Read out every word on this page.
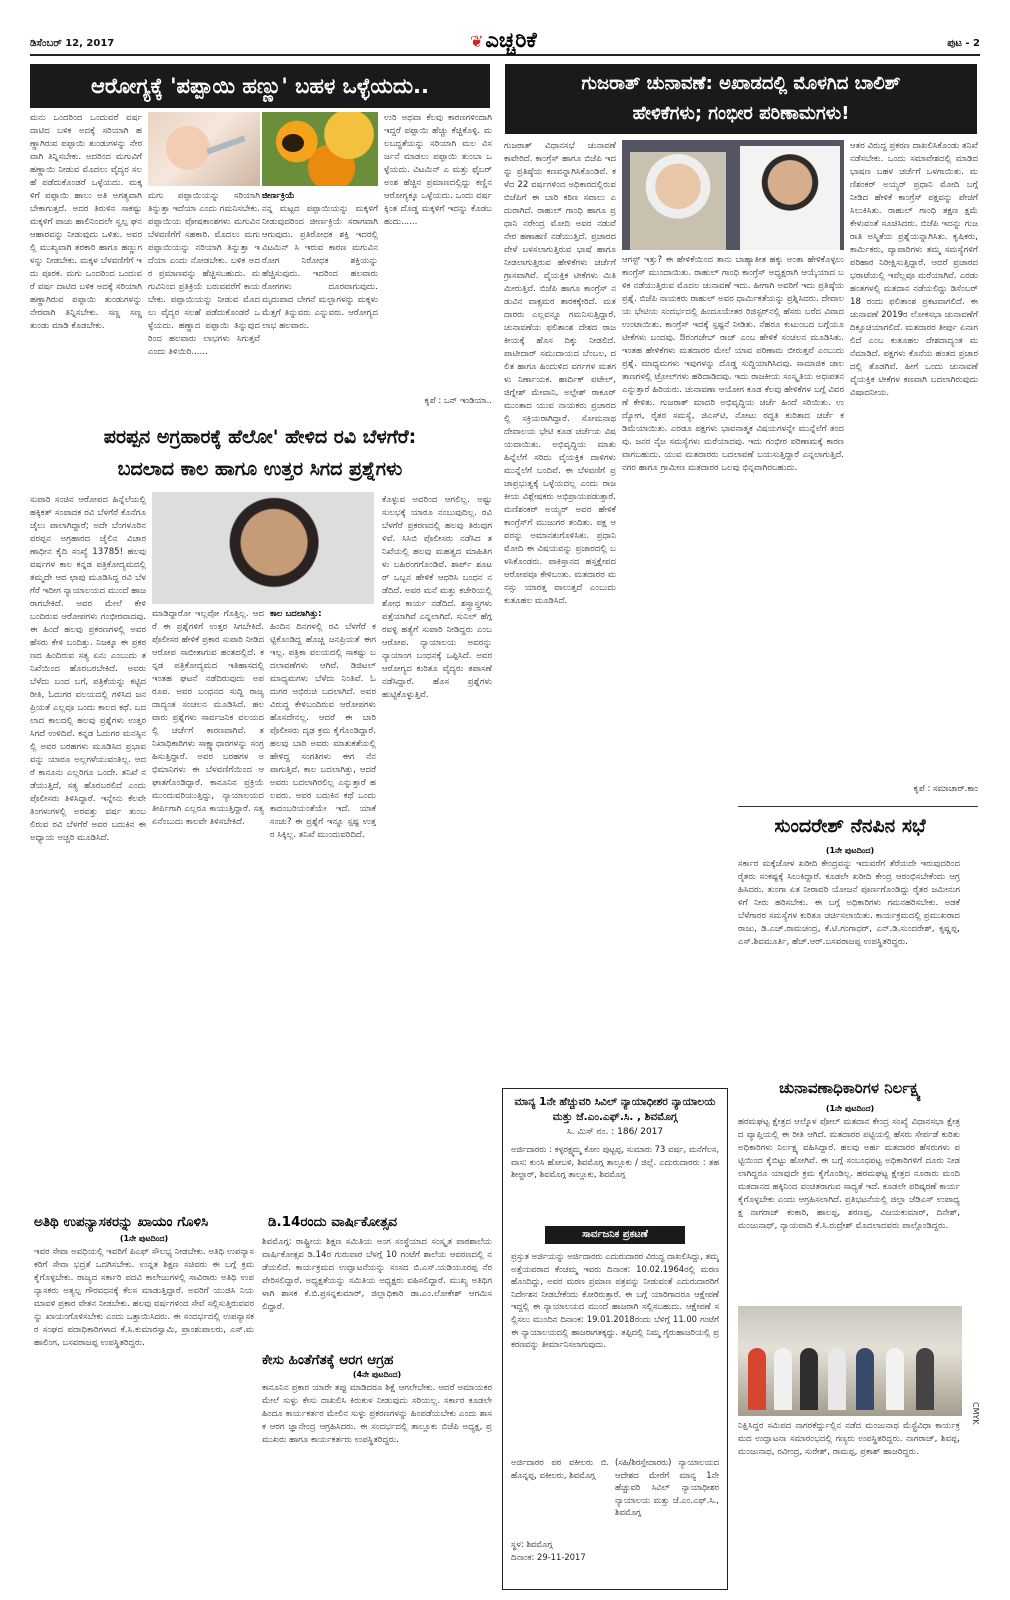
ಡಿಸೆಂಬರ್ 12, 2017	❦ಎಚ್ಚರಿಕೆ	ಪುಟ - 2
ಆರೋಗ್ಯಕ್ಕೆ 'ಪಪ್ಪಾಯಿ ಹಣ್ಣು' ಬಹಳ ಒಳ್ಳೆಯದು..
ಮನು ಒಂದರಿಂದ ಒಂದುವರೆ ವರ್ಷ ದಾಟಿದ ಬಳಿಕ ಅದಕ್ಕೆ ಸರಿಯಾಗಿ ಹಣ್ಣಾಗಿರುವ ಪಪ್ಪಾಯಿ ತುಂಡುಗಳನ್ನು ನೇರವಾಗಿ ತಿನ್ನಿಸಬೇಕು. ಅದರಿಂದ ಮಗುವಿಗೆ ಹಣ್ಣಾಯಿ ನೀಡುವ ಮೊದಲು ವೈದ್ಯರ ಸಲಹೆ ಪಡೆದುಕೊಂಡರೆ ಒಳ್ಳೆಯದು. ಮಕ್ಕಳಿಗೆ ಪಪ್ಪಾಯಿ ಹಾಲು ಅತಿ ಅಗತ್ಯವಾಗಿ ಬೇಕಾಗುತ್ತದೆ. ಅದರ ತಿರುಳಿನ ಸಾಕಷ್ಟು ಮಕ್ಕಳಿಗೆ ಪಾಚು ಹಾಲಿನಿಂದಲೇ ಸ್ವಲ್ಪ ಘನ ಆಹಾರವನ್ನು ನೀಡುವುದು ಒಳಿತು. ಅವರಲ್ಲಿ ಮುಖ್ಯವಾಗಿ ತರಕಾರಿ ಹಾಗೂ ಹಣ್ಣುಗಳನ್ನು ನೀಡಬೇಕು. ಮಕ್ಕಳ ಬೆಳವಣಿಗೆಗೆ ಇದು ಪೂರಕ. ಮಗು ಒಂದರಿಂದ ಒಂದುವರೆ ವರ್ಷ ದಾಟಿದ ಬಳಿಕ ಅದಕ್ಕೆ ಸರಿಯಾಗಿ ಹಣ್ಣಾಗಿರುವ ಪಪ್ಪಾಯಿ ತುಂಡುಗಳನ್ನು ನೇರವಾಗಿ ತಿನ್ನಿಸಬೇಕು. ಸಣ್ಣ ಸಣ್ಣ ತುಂಡು ಮಾಡಿ ಕೊಡಬೇಕು.
ಮಗು ಪಪ್ಪಾಯಿಯನ್ನು ಸರಿಯಾಗಿ ತಿನ್ನುತ್ತಾ ಇದೆಯಾ ಎಂದು ಗಮನಿಸಬೇಕು. ಪಪ್ಪಾಯಿಯ ಪೋಷಕಾಂಶಗಳು ಮಗುವಿನ ಬೆಳವಣಿಗೆಗೆ ಸಹಕಾರಿ. ಮೊದಲು ಮಗು ಪಪ್ಪಾಯಿಯನ್ನು ನರಿಯಾಗಿ ತಿನ್ನುತ್ತಾ ಇದೆಯಾ ಎಂದು ನೋಡಬೇಕು. ಬಳಿಕ ಅದರ ಪ್ರಮಾಣವನ್ನು ಹೆಚ್ಚಿಸಬಹುದು. ಮಗುವಿನಿಂದ ಪ್ರತಿಕ್ರಿಯೆ ಬರುವವರೆಗೆ ಕಾಯಬೇಕು. ಪಪ್ಪಾಯಿಯನ್ನು ನೀಡುವ ಮೊದಲು ವೈದ್ಯರ ಸಲಹೆ ಪಡೆದುಕೊಂಡರೆ ಒಳ್ಳೆಯದು. ಹಣ್ಣಾದ ಪಪ್ಪಾಯಿ ತಿನ್ನುವುದರಿಂದ ಹಲವಾರು ಲಾಭಗಳು ಸಿಗುತ್ತವೆ ಎಂದು ತಿಳಿಯಿರಿ......
ಜೀರ್ಣಕ್ರಿಯೆ
ನನ್ನ ಮಟ್ಟದ ಪಪ್ಪಾಯಿಯನ್ನು ಮಕ್ಕಳಿಗೆ ನೀಡುವುದರಿಂದ ಜೀರ್ಣಕ್ರಿಯೆ ಸರಾಗವಾಗಿ ಆಗುವುದು. ಪ್ರತಿರೋಧಕ ಶಕ್ತಿ ಇದರಲ್ಲಿ ವಿಟಮಿನ್ ಸಿ ಇರುವ ಕಾರಣ ಮಗುವಿನ ರೋಗ ನಿರೋಧಕ ಶಕ್ತಿಯನ್ನು ಹೆಚ್ಚಿಸುವುದು. ಇದರಿಂದ ಹಲವಾರು ರೋಗಗಳು ದೂರವಾಗುವುದು. ಮೃದುವಾದ ಬೇಗನೆ ಮಲ್ಬಾಗಳನ್ನು ಮಕ್ಕಳು ಮೆತ್ತಗೆ ತಿನ್ನುವರು ಎನ್ನುವರು. ಆರೋಗ್ಯದ ಲಾಭ ಹಲವಾರು.
ಉರಿ ಅಥವಾ ಕೆಲವು ಕಾರಣಗಳಿಂದಾಗಿ ಇದ್ದರೆ ಪಪ್ಪಾಯಿ ಹೆಚ್ಚು ಕೆಚ್ಚಿಕೊಳ್ಳಿ. ಮಲಬದ್ಧತೆಯನ್ನು ಸರಿಯಾಗಿ ಮಲ ವಿಸರ್ಜನೆ ಮಾಡಲು ಪಪ್ಪಾಯಿ ತುಂಬಾ ಒಳ್ಳೆಯದು. ವಿಟಮಿನ್ ಎ ಮತ್ತು ಫೈಬರ್ ಅಂಶ ಹೆಚ್ಚಿನ ಪ್ರಮಾಣದಲ್ಲಿದ್ದು ಕಣ್ಣಿನ ಆರೋಗ್ಯಕ್ಕೂ ಒಳ್ಳೆಯದು. ಒಂದು ವರ್ಷಕ್ಕಿಂತ ದೊಡ್ಡ ಮಕ್ಕಳಿಗೆ ಇದನ್ನು ಕೊಡಬಹುದು......
ಕೃಪೆ : ಒನ್ ಇಂಡಿಯಾ..
ಪರಪ್ಪನ ಅಗ್ರಹಾರಕ್ಕೆ ಹೆಲೋ' ಹೇಳಿದ ರವಿ ಬೆಳಗೆರೆ:
ಬದಲಾದ ಕಾಲ ಹಾಗೂ ಉತ್ತರ ಸಿಗದ ಪ್ರಶ್ನೆಗಳು
ಸುಪಾರಿ ಸಂಚಿನ ಆರೋಪದ ಹಿನ್ನೆಲೆಯಲ್ಲಿ ಹಕ್ಕಿಕತ್ ಸಂಪಾದಕ ರವಿ ಬೆಳಗೆರೆ ಕೊನೆಗೂ ಜೈಲು ಪಾಲಾಗಿದ್ದಾರೆ; ಅದೇ ಬೆಂಗಳೂರಿನ ಪರಪ್ಪನ ಅಗ್ರಹಾರದ ಜೈಲಿನ ವಿಚಾರಣಾಧೀನ ಕೈದಿ ಸಂಖ್ಯೆ 13785! ಹಲವು ವರ್ಷಗಳ ಕಾಲ ಕನ್ನಡ ಪತ್ರಿಕೋದ್ಯಮದಲ್ಲಿ ತಮ್ಮದೇ ಆದ ಛಾಪು ಮೂಡಿಸಿದ್ದ ರವಿ ಬೆಳಗೆರೆ ಇದೀಗ ನ್ಯಾಯಾಲಯದ ಮುಂದೆ ಹಾಜರಾಗಬೇಕಿದೆ. ಅವರ ಮೇಲೆ ಕೇಳಿ ಬಂದಿರುವ ಆರೋಪಗಳು ಗಂಭೀರವಾದವು. ಈ ಹಿಂದೆ ಹಲವು ಪ್ರಕರಣಗಳಲ್ಲಿ ಅವರ ಹೆಸರು ಕೇಳಿ ಬಂದಿತ್ತು. ನಿಜಕ್ಕೂ ಈ ಪ್ರಕರಣದ ಹಿಂದಿರುವ ಸತ್ಯ ಏನು ಎಂಬುದು ತನಿಖೆಯಿಂದ ಹೊರಬರಬೇಕಿದೆ. ಅವರು ಬೆಳೆದು ಬಂದ ಬಗೆ, ಪತ್ರಿಕೆಯನ್ನು ಕಟ್ಟಿದ ರೀತಿ, ಓದುಗರ ವಲಯದಲ್ಲಿ ಗಳಿಸಿದ ಜನಪ್ರಿಯತೆ ಎಲ್ಲವೂ ಒಂದು ಕಾಲದ ಕಥೆ. ಬದಲಾದ ಕಾಲದಲ್ಲಿ ಹಲವು ಪ್ರಶ್ನೆಗಳು ಉತ್ತರ ಸಿಗದೆ ಉಳಿದಿವೆ. ಕನ್ನಡ ಓದುಗರ ಮನಸ್ಸಿನಲ್ಲಿ ಅವರ ಬರಹಗಳು ಮೂಡಿಸಿದ ಪ್ರಭಾವವನ್ನು ಯಾರೂ ಅಲ್ಲಗಳೆಯುವಂತಿಲ್ಲ. ಆದರೆ ಕಾನೂನು ಎಲ್ಲರಿಗೂ ಒಂದೇ. ತನಿಖೆ ನಡೆಯುತ್ತಿದೆ, ಸತ್ಯ ಹೊರಬರಲಿದೆ ಎಂದು ಪೊಲೀಸರು ತಿಳಿಸಿದ್ದಾರೆ. ಇನ್ನೇನು ಕೆಲವೇ ತಿಂಗಳುಗಳಲ್ಲಿ ಅರವತ್ತು ವರ್ಷ ತುಂಬಲಿರುವ ರವಿ ಬೆಳಗೆರೆ ಅವರ ಬದುಕಿನ ಈ ಅಧ್ಯಾಯ ಅಚ್ಚರಿ ಮೂಡಿಸಿದೆ.
ಮಾಡಿದ್ದಾರೋ ಇಲ್ಲವೋ ಗೊತ್ತಿಲ್ಲ. ಆದರೆ ಈ ಪ್ರಶ್ನೆಗಳಿಗೆ ಉತ್ತರ ಸಿಗಬೇಕಿದೆ. ಪೊಲೀಸರ ಹೇಳಿಕೆ ಪ್ರಕಾರ ಸುಪಾರಿ ನೀಡಿದ ಆರೋಪ ಸಾಬೀತಾಗುವ ಹಂತದಲ್ಲಿದೆ. ಕನ್ನಡ ಪತ್ರಿಕೋದ್ಯಮದ ಇತಿಹಾಸದಲ್ಲಿ ಇಂತಹ ಘಟನೆ ನಡೆದಿರುವುದು ಅಪರೂಪ. ಅವರ ಬಂಧನದ ಸುದ್ದಿ ರಾಜ್ಯದಾದ್ಯಂತ ಸಂಚಲನ ಮೂಡಿಸಿದೆ. ಹಲವಾರು ಪ್ರಶ್ನೆಗಳು ಸಾರ್ವಜನಿಕ ವಲಯದಲ್ಲಿ ಚರ್ಚೆಗೆ ಕಾರಣವಾಗಿವೆ. ತನಿಖಾಧಿಕಾರಿಗಳು ಸಾಕ್ಷ್ಯಾಧಾರಗಳನ್ನು ಸಂಗ್ರಹಿಸುತ್ತಿದ್ದಾರೆ. ಅವರ ಬರಹಗಳ ಅಭಿಮಾನಿಗಳು ಈ ಬೆಳವಣಿಗೆಯಿಂದ ಆಘಾತಗೊಂಡಿದ್ದಾರೆ. ಕಾನೂನಿನ ಪ್ರಕ್ರಿಯೆ ಮುಂದುವರಿಯುತ್ತಿದ್ದು, ನ್ಯಾಯಾಲಯದ ತೀರ್ಪಿಗಾಗಿ ಎಲ್ಲರೂ ಕಾಯುತ್ತಿದ್ದಾರೆ. ಸತ್ಯ ಏನೆಂಬುದು ಕಾಲವೇ ತಿಳಿಸಬೇಕಿದೆ.
ಕಾಲ ಬದಲಾಗಿತ್ತು:
ಹಿಂದಿನ ದಿನಗಳಲ್ಲಿ ರವಿ ಬೆಳಗೆರೆ ಕಟ್ಟಿಕೊಂಡಿದ್ದ ಹೊಚ್ಚ ಜನಪ್ರಿಯತೆ ಈಗ ಇಲ್ಲ. ಪತ್ರಿಕಾ ವಲಯದಲ್ಲಿ ಸಾಕಷ್ಟು ಬದಲಾವಣೆಗಳು ಆಗಿವೆ. ಡಿಜಿಟಲ್ ಮಾಧ್ಯಮಗಳು ಬೆಳೆದು ನಿಂತಿವೆ. ಓದುಗರ ಅಭಿರುಚಿ ಬದಲಾಗಿದೆ. ಅವರ ವಿರುದ್ಧ ಕೇಳಿಬಂದಿರುವ ಆರೋಪಗಳು ಹೊಸದೇನಲ್ಲ. ಆದರೆ ಈ ಬಾರಿ ಪೊಲೀಸರು ದೃಢ ಕ್ರಮ ಕೈಗೊಂಡಿದ್ದಾರೆ. ಹಲವು ಬಾರಿ ಅವರು ಮಾತುಕತೆಯಲ್ಲಿ ಹೇಳಿದ್ದ ಸಂಗತಿಗಳು ಈಗ ನೆನಪಾಗುತ್ತಿವೆ. ಕಾಲ ಬದಲಾಗಿತ್ತು, ಆದರೆ ಅವರು ಬದಲಾಗಿರಲಿಲ್ಲ ಎನ್ನುತ್ತಾರೆ ಹಲವರು. ಅವರ ಬದುಕಿನ ಕಥೆ ಒಂದು ಕಾದಂಬರಿಯಂತೆಯೇ ಇದೆ. ಯಾಕೆ ಸಂಚು? ಈ ಪ್ರಶ್ನೆಗೆ ಇನ್ನೂ ಸ್ಪಷ್ಟ ಉತ್ತರ ಸಿಕ್ಕಿಲ್ಲ. ತನಿಖೆ ಮುಂದುವರಿದಿದೆ.
ಕೊಳ್ಳುವ ಅವರಿಂದ ಆಗಲಿಲ್ಲ. ಅಷ್ಟು ಸುಲಭಕ್ಕೆ ಯಾರೂ ನಂಬುವುದಿಲ್ಲ. ರವಿ ಬೆಳಗೆರೆ ಪ್ರಕರಣದಲ್ಲಿ ಹಲವು ತಿರುವುಗಳಿವೆ. ಸಿಸಿಬಿ ಪೊಲೀಸರು ನಡೆಸಿದ ತನಿಖೆಯಲ್ಲಿ ಹಲವು ಮಹತ್ವದ ಮಾಹಿತಿಗಳು ಬಹಿರಂಗಗೊಂಡಿವೆ. ಶಾರ್ಪ್ ಶೂಟರ್ ಒಬ್ಬನ ಹೇಳಿಕೆ ಆಧರಿಸಿ ಬಂಧನ ನಡೆದಿದೆ. ಅವರ ಮನೆ ಮತ್ತು ಕಚೇರಿಯಲ್ಲಿ ಶೋಧ ಕಾರ್ಯ ನಡೆದಿದೆ. ಶಸ್ತ್ರಾಸ್ತ್ರಗಳು ಪತ್ತೆಯಾಗಿವೆ ಎನ್ನಲಾಗಿದೆ. ಸುನಿಲ್ ಹೆಗ್ಗರವಳ್ಳಿ ಹತ್ಯೆಗೆ ಸುಪಾರಿ ನೀಡಿದ್ದರು ಎಂಬ ಆರೋಪ. ನ್ಯಾಯಾಲಯ ಅವರನ್ನು ನ್ಯಾಯಾಂಗ ಬಂಧನಕ್ಕೆ ಒಪ್ಪಿಸಿದೆ. ಅವರ ಆರೋಗ್ಯದ ಕುರಿತೂ ವೈದ್ಯರು ತಪಾಸಣೆ ನಡೆಸಿದ್ದಾರೆ. ಹೊಸ ಪ್ರಶ್ನೆಗಳು ಹುಟ್ಟಿಕೊಳ್ಳುತ್ತಿವೆ.
ಅತಿಥಿ ಉಪನ್ಯಾಸಕರನ್ನು ಖಾಯಂ ಗೊಳಿಸಿ
(1ನೇ ಪುಟದಿಂದ)
ಇವರ ಸೇವಾ ಅವಧಿಯಲ್ಲಿ ಇವರಿಗೆ ಪಿಎಫ್ ಸೌಲಭ್ಯ ನೀಡಬೇಕು. ಅತಿಥಿ ಉಪನ್ಯಾಸಕರಿಗೆ ಸೇವಾ ಭದ್ರತೆ ಒದಗಿಸಬೇಕು. ಉನ್ನತ ಶಿಕ್ಷಣ ಸಚಿವರು ಈ ಬಗ್ಗೆ ಕ್ರಮ ಕೈಗೊಳ್ಳಬೇಕು. ರಾಜ್ಯದ ಸರ್ಕಾರಿ ಪದವಿ ಕಾಲೇಜುಗಳಲ್ಲಿ ಸಾವಿರಾರು ಅತಿಥಿ ಉಪನ್ಯಾಸಕರು ಅತ್ಯಲ್ಪ ಗೌರವಧನಕ್ಕೆ ಕೆಲಸ ಮಾಡುತ್ತಿದ್ದಾರೆ. ಅವರಿಗೆ ಯುಜಿಸಿ ನಿಯಮಾವಳಿ ಪ್ರಕಾರ ವೇತನ ನೀಡಬೇಕು. ಹಲವು ವರ್ಷಗಳಿಂದ ಸೇವೆ ಸಲ್ಲಿಸುತ್ತಿರುವವರನ್ನು ಖಾಯಂಗೊಳಿಸಬೇಕು ಎಂದು ಒತ್ತಾಯಿಸಿದರು. ಈ ಸಂದರ್ಭದಲ್ಲಿ ಉಪನ್ಯಾಸಕರ ಸಂಘದ ಪದಾಧಿಕಾರಿಗಳಾದ ಕೆ.ಸಿ.ಕುಮಾರಸ್ವಾಮಿ, ಪ್ರಾಂಶುಪಾಲರು, ಎಸ್.ಮಹಾಲಿಂಗ, ಬಸವರಾಜಪ್ಪ ಉಪಸ್ಥಿತರಿದ್ದರು.
ಡಿ.14ರಂದು ವಾರ್ಷಿಕೋತ್ಸವ
ಶಿವಮೊಗ್ಗ: ರಾಷ್ಟ್ರೀಯ ಶಿಕ್ಷಣ ಸಮಿತಿಯ ಅಂಗ ಸಂಸ್ಥೆಯಾದ ಸಂಸ್ಕೃತ ಪಾಠಶಾಲೆಯ ವಾರ್ಷಿಕೋತ್ಸವ ಡಿ.14ರ ಗುರುವಾರ ಬೆಳಗ್ಗೆ 10 ಗಂಟೆಗೆ ಶಾಲೆಯ ಆವರಣದಲ್ಲಿ ನಡೆಯಲಿದೆ. ಕಾರ್ಯಕ್ರಮದ ಉದ್ಘಾಟನೆಯನ್ನು ಸಂಸದ ಬಿ.ಎಸ್.ಯಡಿಯೂರಪ್ಪ ನೆರವೇರಿಸಲಿದ್ದಾರೆ. ಅಧ್ಯಕ್ಷತೆಯನ್ನು ಸಮಿತಿಯ ಅಧ್ಯಕ್ಷರು ವಹಿಸಲಿದ್ದಾರೆ. ಮುಖ್ಯ ಅತಿಥಿಗಳಾಗಿ ಶಾಸಕ ಕೆ.ಬಿ.ಪ್ರಸನ್ನಕುಮಾರ್, ಜಿಲ್ಲಾಧಿಕಾರಿ ಡಾ.ಎಂ.ಲೋಕೇಶ್ ಆಗಮಿಸಲಿದ್ದಾರೆ.
ಕೇಸು ಹಿಂತೆಗೆತಕ್ಕೆ ಆರಗ ಆಗ್ರಹ
(4ನೇ ಪುಟದಿಂದ)
ಕಾನೂನಿನ ಪ್ರಕಾರ ಯಾರೇ ತಪ್ಪು ಮಾಡಿದರೂ ಶಿಕ್ಷೆ ಆಗಲೇಬೇಕು. ಆದರೆ ಅಮಾಯಕರ ಮೇಲೆ ಸುಳ್ಳು ಕೇಸು ದಾಖಲಿಸಿ ಕಿರುಕುಳ ನೀಡುವುದು ಸರಿಯಲ್ಲ. ಸರ್ಕಾರ ಕೂಡಲೇ ಹಿಂದೂ ಕಾರ್ಯಕರ್ತರ ಮೇಲಿನ ಸುಳ್ಳು ಪ್ರಕರಣಗಳನ್ನು ಹಿಂಪಡೆಯಬೇಕು ಎಂದು ಶಾಸಕ ಆರಗ ಜ್ಞಾನೇಂದ್ರ ಆಗ್ರಹಿಸಿದರು. ಈ ಸಂದರ್ಭದಲ್ಲಿ ತಾಲ್ಲೂಕು ಬಿಜೆಪಿ ಅಧ್ಯಕ್ಷ, ಪ್ರಮುಖರು ಹಾಗೂ ಕಾರ್ಯಕರ್ತರು ಉಪಸ್ಥಿತರಿದ್ದರು.
ಗುಜರಾತ್ ಚುನಾವಣೆ: ಅಖಾಡದಲ್ಲಿ ಮೊಳಗಿದ ಬಾಲಿಶ್
ಹೇಳಿಕೆಗಳು; ಗಂಭೀರ ಪರಿಣಾಮಗಳು!
ಗುಜರಾತ್ ವಿಧಾನಸಭೆ ಚುನಾವಣೆ ಕಾವೇರಿದೆ. ಕಾಂಗ್ರೆಸ್ ಹಾಗೂ ಬಿಜೆಪಿ ಇದನ್ನು ಪ್ರತಿಷ್ಠೆಯ ಕಣವನ್ನಾಗಿಸಿಕೊಂಡಿವೆ. ಕಳೆದ 22 ವರ್ಷಗಳಿಂದ ಅಧಿಕಾರದಲ್ಲಿರುವ ಬಿಜೆಪಿಗೆ ಈ ಬಾರಿ ಕಠಿಣ ಸವಾಲು ಎದುರಾಗಿದೆ. ರಾಹುಲ್ ಗಾಂಧಿ ಹಾಗೂ ಪ್ರಧಾನಿ ನರೇಂದ್ರ ಮೋದಿ ಅವರ ನಡುವೆ ನೇರ ಹಣಾಹಣಿ ನಡೆಯುತ್ತಿದೆ. ಪ್ರಚಾರದ ವೇಳೆ ಬಳಸಲಾಗುತ್ತಿರುವ ಭಾಷೆ ಹಾಗೂ ನೀಡಲಾಗುತ್ತಿರುವ ಹೇಳಿಕೆಗಳು ಚರ್ಚೆಗೆ ಗ್ರಾಸವಾಗಿವೆ. ವೈಯಕ್ತಿಕ ಟೀಕೆಗಳು ಮಿತಿ ಮೀರುತ್ತಿವೆ. ಬಿಜೆಪಿ ಹಾಗೂ ಕಾಂಗ್ರೆಸ್ ನಡುವಿನ ವಾಕ್ಸಮರ ತಾರಕಕ್ಕೇರಿದೆ. ಮತದಾರರು ಎಲ್ಲವನ್ನೂ ಗಮನಿಸುತ್ತಿದ್ದಾರೆ. ಚುನಾವಣೆಯ ಫಲಿತಾಂಶ ದೇಶದ ರಾಜಕೀಯಕ್ಕೆ ಹೊಸ ದಿಕ್ಕು ನೀಡಲಿದೆ. ಪಾಟೀದಾರ್ ಸಮುದಾಯದ ಬೆಂಬಲ, ದಲಿತ ಹಾಗೂ ಹಿಂದುಳಿದ ವರ್ಗಗಳ ಮತಗಳು ನಿರ್ಣಾಯಕ. ಹಾರ್ದಿಕ್ ಪಟೇಲ್, ಜಿಗ್ನೇಶ್ ಮೇವಾನಿ, ಅಲ್ಪೇಶ್ ಠಾಕೂರ್ ಮುಂತಾದ ಯುವ ನಾಯಕರು ಪ್ರಚಾರದಲ್ಲಿ ಸಕ್ರಿಯರಾಗಿದ್ದಾರೆ. ಸೋಮನಾಥ ದೇವಾಲಯ ಭೇಟಿ ಕೂಡ ಚರ್ಚೆಯ ವಿಷಯವಾಯಿತು. ಅಭಿವೃದ್ಧಿಯ ಮಾತು ಹಿನ್ನೆಲೆಗೆ ಸರಿದು ವೈಯಕ್ತಿಕ ದಾಳಿಗಳು ಮುನ್ನೆಲೆಗೆ ಬಂದಿವೆ. ಈ ಬೆಳವಣಿಗೆ ಪ್ರಜಾಪ್ರಭುತ್ವಕ್ಕೆ ಒಳ್ಳೆಯದಲ್ಲ ಎಂದು ರಾಜಕೀಯ ವಿಶ್ಲೇಷಕರು ಅಭಿಪ್ರಾಯಪಡುತ್ತಾರೆ. ಮಣಿಶಂಕರ್ ಅಯ್ಯರ್ ಅವರ ಹೇಳಿಕೆ ಕಾಂಗ್ರೆಸ್‌ಗೆ ಮುಜುಗರ ತಂದಿತು. ಪಕ್ಷ ಅವರನ್ನು ಅಮಾನತುಗೊಳಿಸಿತು. ಪ್ರಧಾನಿ ಮೋದಿ ಈ ವಿಷಯವನ್ನು ಪ್ರಚಾರದಲ್ಲಿ ಬಳಸಿಕೊಂಡರು. ಪಾಕಿಸ್ತಾನದ ಹಸ್ತಕ್ಷೇಪದ ಆರೋಪವೂ ಕೇಳಿಬಂತು. ಮತದಾರರ ಮನಸ್ಸು ಯಾರತ್ತ ವಾಲುತ್ತದೆ ಎಂಬುದು ಕುತೂಹಲ ಮೂಡಿಸಿದೆ.
ಆಗಸ್ಟ್ ಇತ್ತು? ಈ ಹೇಳಿಕೆಯಿಂದ ತಾನು ಬಾಹ್ಯಾತೀತ ಹಕ್ಕು ಅಂತಾ ಹೇಳಿಕೊಳ್ಳಲು ಕಾಂಗ್ರೆಸ್ ಮುಂದಾಯಿತು. ರಾಹುಲ್ ಗಾಂಧಿ ಕಾಂಗ್ರೆಸ್ ಅಧ್ಯಕ್ಷರಾಗಿ ಆಯ್ಕೆಯಾದ ಬಳಿಕ ನಡೆಯುತ್ತಿರುವ ಮೊದಲ ಚುನಾವಣೆ ಇದು. ಹೀಗಾಗಿ ಅವರಿಗೆ ಇದು ಪ್ರತಿಷ್ಠೆಯ ಪ್ರಶ್ನೆ. ಬಿಜೆಪಿ ನಾಯಕರು ರಾಹುಲ್ ಅವರ ಧಾರ್ಮಿಕತೆಯನ್ನು ಪ್ರಶ್ನಿಸಿದರು. ದೇವಾಲಯ ಭೇಟಿಯ ಸಂದರ್ಭದಲ್ಲಿ ಹಿಂದೂಯೇತರ ರಿಜಿಸ್ಟರ್‌ನಲ್ಲಿ ಹೆಸರು ಬರೆದ ವಿವಾದ ಉಂಟಾಯಿತು. ಕಾಂಗ್ರೆಸ್ ಇದಕ್ಕೆ ಸ್ಪಷ್ಟನೆ ನೀಡಿತು. ನೆಹರೂ ಕುಟುಂಬದ ಬಗ್ಗೆಯೂ ಟೀಕೆಗಳು ಬಂದವು. ಔರಂಗಜೇಬ್ ರಾಜ್ ಎಂಬ ಹೇಳಿಕೆ ಸಂಚಲನ ಮೂಡಿಸಿತು. ಇಂತಹ ಹೇಳಿಕೆಗಳು ಮತದಾರರ ಮೇಲೆ ಯಾವ ಪರಿಣಾಮ ಬೀರುತ್ತವೆ ಎಂಬುದು ಪ್ರಶ್ನೆ. ಮಾಧ್ಯಮಗಳು ಇವುಗಳನ್ನು ದೊಡ್ಡ ಸುದ್ದಿಯಾಗಿಸಿದವು. ಸಾಮಾಜಿಕ ಜಾಲತಾಣಗಳಲ್ಲಿ ಟ್ರೋಲ್‌ಗಳು ಹರಿದಾಡಿದವು. ಇದು ರಾಜಕೀಯ ಸಂಸ್ಕೃತಿಯ ಅಧಃಪತನ ಎನ್ನುತ್ತಾರೆ ಹಿರಿಯರು. ಚುನಾವಣಾ ಆಯೋಗ ಕೂಡ ಕೆಲವು ಹೇಳಿಕೆಗಳ ಬಗ್ಗೆ ವಿವರಣೆ ಕೇಳಿತು. ಗುಜರಾತ್ ಮಾದರಿ ಅಭಿವೃದ್ಧಿಯ ಚರ್ಚೆ ಹಿಂದೆ ಸರಿಯಿತು. ಉದ್ಯೋಗ, ರೈತರ ಸಮಸ್ಯೆ, ಜಿಎಸ್‌ಟಿ, ನೋಟು ರದ್ದತಿ ಕುರಿತಾದ ಚರ್ಚೆ ಕಡಿಮೆಯಾಯಿತು. ಎರಡೂ ಪಕ್ಷಗಳು ಭಾವನಾತ್ಮಕ ವಿಷಯಗಳನ್ನೇ ಮುನ್ನೆಲೆಗೆ ತಂದವು. ಜನರ ನೈಜ ಸಮಸ್ಯೆಗಳು ಮರೆಯಾದವು. ಇದು ಗಂಭೀರ ಪರಿಣಾಮಕ್ಕೆ ಕಾರಣವಾಗಬಹುದು. ಯುವ ಮತದಾರರು ಬದಲಾವಣೆ ಬಯಸುತ್ತಿದ್ದಾರೆ ಎನ್ನಲಾಗುತ್ತಿದೆ. ನಗರ ಹಾಗೂ ಗ್ರಾಮೀಣ ಮತದಾರರ ಒಲವು ಭಿನ್ನವಾಗಿರಬಹುದು.
ಆತರ ವಿರುದ್ಧ ಪ್ರಕರಣ ದಾಖಲಿಸಿಕೊಂಡು ತನಿಖೆ ನಡೆಸಬೇಕು. ಒಂದು ಸಮಾವೇಶದಲ್ಲಿ ಮಾಡಿದ ಭಾಷಣ ಬಹಳ ಚರ್ಚೆಗೆ ಒಳಗಾಯಿತು. ಮಣಿಶಂಕರ್ ಅಯ್ಯರ್ ಪ್ರಧಾನಿ ಮೋದಿ ಬಗ್ಗೆ ನೀಡಿದ ಹೇಳಿಕೆ ಕಾಂಗ್ರೆಸ್ ಪಕ್ಷವನ್ನು ಪೇಚಿಗೆ ಸಿಲುಕಿಸಿತು. ರಾಹುಲ್ ಗಾಂಧಿ ತಕ್ಷಣ ಕ್ಷಮೆ ಕೇಳುವಂತೆ ಸೂಚಿಸಿದರು. ಬಿಜೆಪಿ ಇದನ್ನು ಗುಜರಾತಿ ಅಸ್ಮಿತೆಯ ಪ್ರಶ್ನೆಯನ್ನಾಗಿಸಿತು. ಕೃಷಿಕರು, ಕಾರ್ಮಿಕರು, ವ್ಯಾಪಾರಿಗಳು ತಮ್ಮ ಸಮಸ್ಯೆಗಳಿಗೆ ಪರಿಹಾರ ನಿರೀಕ್ಷಿಸುತ್ತಿದ್ದಾರೆ. ಆದರೆ ಪ್ರಚಾರದ ಭರಾಟೆಯಲ್ಲಿ ಇವೆಲ್ಲವೂ ಮರೆಯಾಗಿವೆ. ಎರಡು ಹಂತಗಳಲ್ಲಿ ಮತದಾನ ನಡೆಯಲಿದ್ದು ಡಿಸೆಂಬರ್ 18 ರಂದು ಫಲಿತಾಂಶ ಪ್ರಕಟವಾಗಲಿದೆ. ಈ ಚುನಾವಣೆ 2019ರ ಲೋಕಸಭಾ ಚುನಾವಣೆಗೆ ದಿಕ್ಸೂಚಿಯಾಗಲಿದೆ. ಮತದಾರರ ತೀರ್ಪು ಏನಾಗಲಿದೆ ಎಂಬ ಕುತೂಹಲ ದೇಶದಾದ್ಯಂತ ಮನೆಮಾಡಿದೆ. ಪಕ್ಷಗಳು ಕೊನೆಯ ಹಂತದ ಪ್ರಚಾರದಲ್ಲಿ ತೊಡಗಿವೆ. ಹೀಗೆ ಒಂದು ಚುನಾವಣೆ ವೈಯಕ್ತಿಕ ಟೀಕೆಗಳ ಕಣವಾಗಿ ಬದಲಾಗಿರುವುದು ವಿಷಾದನೀಯ.
ಕೃಪೆ : ಸಮಾಚಾರ್.ಕಾಂ
ಸುಂದರೇಶ್ ನೆನಪಿನ ಸಭೆ
(1ನೇ ಪುಟದಿಂದ)
ಸರ್ಕಾರ ಮಕ್ಕೆಜೋಳ ಖರೀದಿ ಕೇಂದ್ರವನ್ನು ಇದುವರೆಗೆ ತೆರೆಯದೇ ಇರುವುದರಿಂದ ರೈತರು ಸಂಕಷ್ಟಕ್ಕೆ ಸಿಲುಕಿದ್ದಾರೆ. ಕೂಡಲೇ ಖರೀದಿ ಕೇಂದ್ರ ಆರಂಭಿಸಬೇಕೆಂದು ಆಗ್ರಹಿಸಿದರು. ತುಂಗಾ ಏತ ನೀರಾವರಿ ಯೋಜನೆ ಪೂರ್ಣಗೊಂಡಿದ್ದು ರೈತರ ಜಮೀನುಗಳಿಗೆ ನೀರು ಹರಿಸಬೇಕು. ಈ ಬಗ್ಗೆ ಅಧಿಕಾರಿಗಳು ಗಮನಹರಿಸಬೇಕು. ಅಡಕೆ ಬೆಳೆಗಾರರ ಸಮಸ್ಯೆಗಳ ಕುರಿತೂ ಚರ್ಚಿಸಲಾಯಿತು. ಕಾರ್ಯಕ್ರಮದಲ್ಲಿ ಪ್ರಮುಖರಾದ ರಾಜು, ಡಿ.ಎಚ್.ರಾಮಚಂದ್ರ, ಕೆ.ಟಿ.ಗಂಗಾಧರ್, ಎನ್.ಡಿ.ಸುಂದರೇಶ್, ಕೃಷ್ಣಪ್ಪ, ಎಸ್.ಶಿವಮೂರ್ತಿ, ಹೆಚ್.ಆರ್.ಬಸವರಾಜಪ್ಪ ಉಪಸ್ಥಿತರಿದ್ದರು.
ಚುನಾವಣಾಧಿಕಾರಿಗಳ ನಿರ್ಲಕ್ಷ್ಯ
(1ನೇ ಪುಟದಿಂದ)
ಹರಮಘಟ್ಟ ಕ್ಷೇತ್ರದ ಆಲ್ಕೊಳ ಪೋಲ್ ಮತದಾನ ಕೇಂದ್ರ ಸಂಖ್ಯೆ ವಿಧಾನಸಭಾ ಕ್ಷೇತ್ರದ ವ್ಯಾಪ್ತಿಯಲ್ಲಿ ಈ ರೀತಿ ಆಗಿದೆ. ಮತದಾರರ ಪಟ್ಟಿಯಲ್ಲಿ ಹೆಸರು ಸೇರ್ಪಡೆ ಕುರಿತು ಅಧಿಕಾರಿಗಳು ನಿರ್ಲಕ್ಷ್ಯ ವಹಿಸಿದ್ದಾರೆ. ಹಲವು ಅರ್ಹ ಮತದಾರರ ಹೆಸರುಗಳು ಪಟ್ಟಿಯಿಂದ ಕೈಬಿಟ್ಟು ಹೋಗಿವೆ. ಈ ಬಗ್ಗೆ ಸಂಬಂಧಪಟ್ಟ ಅಧಿಕಾರಿಗಳಿಗೆ ದೂರು ನೀಡಲಾಗಿದ್ದರೂ ಯಾವುದೇ ಕ್ರಮ ಕೈಗೊಂಡಿಲ್ಲ. ಹರಮಘಟ್ಟ ಕ್ಷೇತ್ರದ ನೂರಾರು ಮಂದಿ ಮತದಾನದ ಹಕ್ಕಿನಿಂದ ವಂಚಿತರಾಗುವ ಸಾಧ್ಯತೆ ಇದೆ. ಕೂಡಲೇ ಪರಿಷ್ಕರಣೆ ಕಾರ್ಯ ಕೈಗೊಳ್ಳಬೇಕು ಎಂದು ಆಗ್ರಹಿಸಲಾಗಿದೆ. ಪ್ರತಿಭಟನೆಯಲ್ಲಿ ಜಿಲ್ಲಾ ಜೆಡಿಎಸ್ ಉಪಾಧ್ಯಕ್ಷ ನಾಗರಾಜ್ ಕಂಕಾರಿ, ಹಾಲಪ್ಪ, ಶರಣಪ್ಪ, ವಿಜಯಕುಮಾರ್, ದಿನೇಶ್, ಮಂಜುನಾಥ್, ನ್ಯಾಯವಾದಿ ಕೆ.ಸಿ.ರುದ್ರೇಶ್ ಮೊದಲಾದವರು ಪಾಲ್ಗೊಂಡಿದ್ದರು.
ನಿಕ್ಷಿಸಿದ್ದರ ಸಮಿಪದ ನಾಗರಕೆರ್ದ್ದುಲ್ಲಿನ ನಡೆದ ಮಂಜುನಾಥ ಮೆಸ್ಟ್ರೆವಿಧಾ ಕಾರ್ಯಕ್ರಮದ ಉದ್ಘಾಟನಾ ಸಮಾರಂಭದಲ್ಲಿ ಗಣ್ಯರು ಉಪಸ್ಥಿತರಿದ್ದರು. ನಾಗರಾಜ್, ಶಿವಪ್ಪ, ಮಂಜುನಾಥ, ರವೀಂದ್ರ, ಸುರೇಶ್, ರಾಮಪ್ಪ, ಪ್ರಕಾಶ್ ಹಾಜರಿದ್ದರು.
ಮಾನ್ಯ 1ನೇ ಹೆಚ್ಚುವರಿ ಸಿವಿಲ್ ನ್ಯಾಯಾಧೀಶರ ನ್ಯಾಯಾಲಯ ಮತ್ತು ಜೆ.ಎಂ.ಎಫ್.ಸಿ. , ಶಿವಮೊಗ್ಗ
ಸಿ. ಮಿಸ್ ನಂ. : 186/ 2017
ಅರ್ಜಿದಾರರು : ಕಳ್ಳರಕ್ಷ್ಮಮ್ಮ ಕೋಂ ಪುಟ್ಟಪ್ಪ, ಸುಮಾರು 73 ವರ್ಷ, ಮನೆಗೆಲಸ, ವಾಸ: ಕುಂಸಿ ಹೋಬಳಿ, ಶಿವಮೊಗ್ಗ ತಾಲ್ಲೂಕು / ಜಿಲ್ಲೆ. ಎದುರುದಾರರು : ತಹಶೀಲ್ದಾರ್, ಶಿವಮೊಗ್ಗ ತಾಲ್ಲೂಕು, ಶಿವಮೊಗ್ಗ
ಸಾರ್ವಜನಿಕ ಪ್ರಕಟಣೆ
ಪ್ರಸ್ತುತ ಅರ್ಜಿಯನ್ನು ಅರ್ಜಿದಾರರು ಎದುರುದಾರರ ವಿರುದ್ಧ ದಾಖಲಿಸಿದ್ದು, ತಮ್ಮ ಅತ್ತೆಯವರಾದ ಕೆಂಚಮ್ಮ ಇವರು ದಿನಾಂಕ: 10.02.1964ರಲ್ಲಿ ಮರಣ ಹೊಂದಿದ್ದು, ಅವರ ಮರಣ ಪ್ರಮಾಣ ಪತ್ರವನ್ನು ನೀಡುವಂತೆ ಎದುರುದಾರರಿಗೆ ನಿರ್ದೇಶನ ನೀಡಬೇಕೆಂದು ಕೋರಿರುತ್ತಾರೆ. ಈ ಬಗ್ಗೆ ಯಾರಿಗಾದರೂ ಆಕ್ಷೇಪಣೆ ಇದ್ದಲ್ಲಿ ಈ ನ್ಯಾಯಾಲಯದ ಮುಂದೆ ಹಾಜರಾಗಿ ಸಲ್ಲಿಸಬಹುದು. ಆಕ್ಷೇಪಣೆ ಸಲ್ಲಿಸಲು ಮುಂದಿನ ದಿನಾಂಕ: 19.01.2018ರಂದು ಬೆಳಿಗ್ಗೆ 11.00 ಗಂಟೆಗೆ ಈ ನ್ಯಾಯಾಲಯದಲ್ಲಿ ಹಾಜರಾಗತಕ್ಕದ್ದು. ತಪ್ಪಿದಲ್ಲಿ ನಿಮ್ಮ ಗೈರುಹಾಜರಿಯಲ್ಲಿ ಪ್ರಕರಣವನ್ನು ತೀರ್ಮಾನಿಸಲಾಗುವುದು.
ಅರ್ಜಿದಾರರ ಪರ ವಕೀಲರು ಬಿ.ಹೊನ್ನಪ್ಪ, ವಕೀಲರು, ಶಿವಮೊಗ್ಗ
(ಸಹಿ/ಶಿರಸ್ತೇದಾರರು) ನ್ಯಾಯಾಲಯದ ಆದೇಶದ ಮೇರೆಗೆ ಮಾನ್ಯ 1ನೇ ಹೆಚ್ಚುವರಿ ಸಿವಿಲ್ ನ್ಯಾಯಾಧೀಶರ ನ್ಯಾಯಾಲಯ ಮತ್ತು ಜೆ.ಎಂ.ಎಫ್.ಸಿ., ಶಿವಮೊಗ್ಗ
ಸ್ಥಳ: ಶಿವಮೊಗ್ಗ
ದಿನಾಂಕ: 29-11-2017
CMYK
